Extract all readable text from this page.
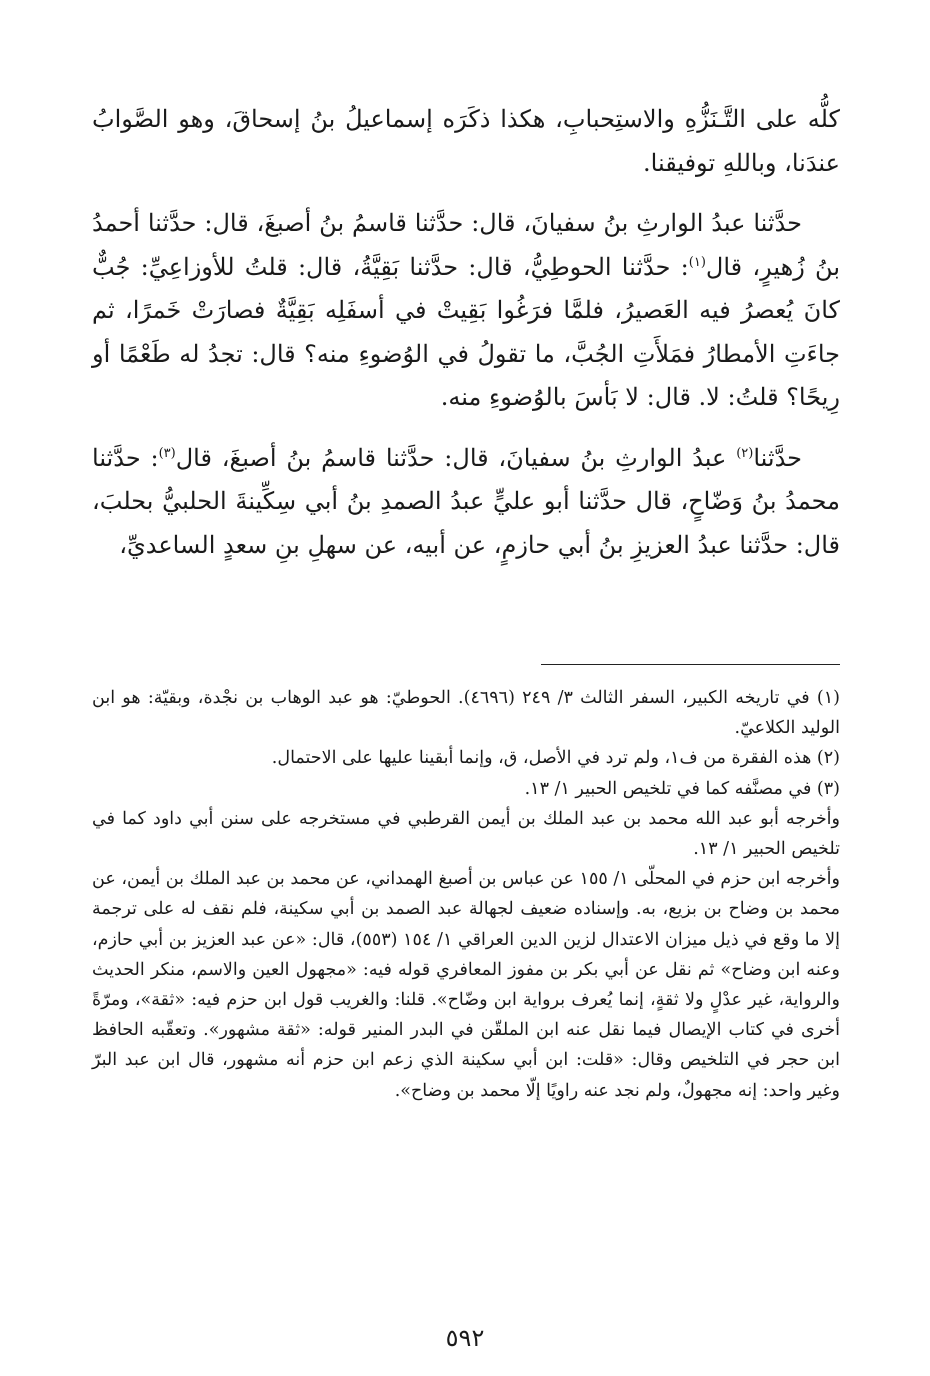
كلُّه على التَّـنَزُّهِ والاستِحبابِ، هكذا ذكَرَه إسماعيلُ بنُ إسحاقَ، وهو الصَّوابُ عندَنا، وباللهِ توفيقنا.

حدَّثنا عبدُ الوارثِ بنُ سفيانَ، قال: حدَّثنا قاسمُ بنُ أصبغَ، قال: حدَّثنا أحمدُ بنُ زُهيرٍ، قال$^{(١)}$: حدَّثنا الحوطِيُّ، قال: حدَّثنا بَقِيَّةُ، قال: قلتُ للأوزاعِيِّ: جُبٌّ كانَ يُعصرُ فيه العَصيرُ، فلمَّا فرَغُوا بَقِيتْ في أسفَلِه بَقِيَّةٌ فصارَتْ خَمرًا، ثم جاءَتِ الأمطارُ فمَلأَتِ الجُبَّ، ما تقولُ في الوُضوءِ منه؟ قال: تجدُ له طَعْمًا أو رِيحًا؟ قلتُ: لا. قال: لا بَأسَ بالوُضوءِ منه.

حدَّثنا$^{(٢)}$ عبدُ الوارثِ بنُ سفيانَ، قال: حدَّثنا قاسمُ بنُ أصبغَ، قال$^{(٣)}$: حدَّثنا محمدُ بنُ وَضّاحٍ، قال حدَّثنا أبو عليٍّ عبدُ الصمدِ بنُ أبي سِكِّينةَ الحلبيُّ بحلبَ، قال: حدَّثنا عبدُ العزيزِ بنُ أبي حازمٍ، عن أبيه، عن سهلِ بنِ سعدٍ الساعديِّ،

(١) في تاريخه الكبير، السفر الثالث ٣/ ٢٤٩ (٤٦٩٦). الحوطيّ: هو عبد الوهاب بن نجْدة، وبقيّة: هو ابن الوليد الكلاعيّ.

(٢) هذه الفقرة من ف١، ولم ترد في الأصل، ق، وإنما أبقينا عليها على الاحتمال.

(٣) في مصنَّفه كما في تلخيص الحبير ١/ ١٣.

وأخرجه أبو عبد الله محمد بن عبد الملك بن أيمن القرطبي في مستخرجه على سنن أبي داود كما في تلخيص الحبير ١/ ١٣.

وأخرجه ابن حزم في المحلّى ١/ ١٥٥ عن عباس بن أصبغ الهمداني، عن محمد بن عبد الملك بن أيمن، عن محمد بن وضاح بن بزيع، به. وإسناده ضعيف لجهالة عبد الصمد بن أبي سكينة، فلم نقف له على ترجمة إلا ما وقع في ذيل ميزان الاعتدال لزين الدين العراقي ١/ ١٥٤ (٥٥٣)، قال: «عن عبد العزيز بن أبي حازم، وعنه ابن وضاح» ثم نقل عن أبي بكر بن مفوز المعافري قوله فيه: «مجهول العين والاسم، منكر الحديث والرواية، غير عدْلٍ ولا ثقةٍ، إنما يُعرف برواية ابن وضّاح». قلنا: والغريب قول ابن حزم فيه: «ثقة»، ومرّةً أخرى في كتاب الإيصال فيما نقل عنه ابن الملقّن في البدر المنير قوله: «ثقة مشهور». وتعقّبه الحافظ ابن حجر في التلخيص وقال: «قلت: ابن أبي سكينة الذي زعم ابن حزم أنه مشهور، قال ابن عبد البرّ وغير واحد: إنه مجهولٌ، ولم نجد عنه راويًا إلّا محمد بن وضاح».

٥٩٢
